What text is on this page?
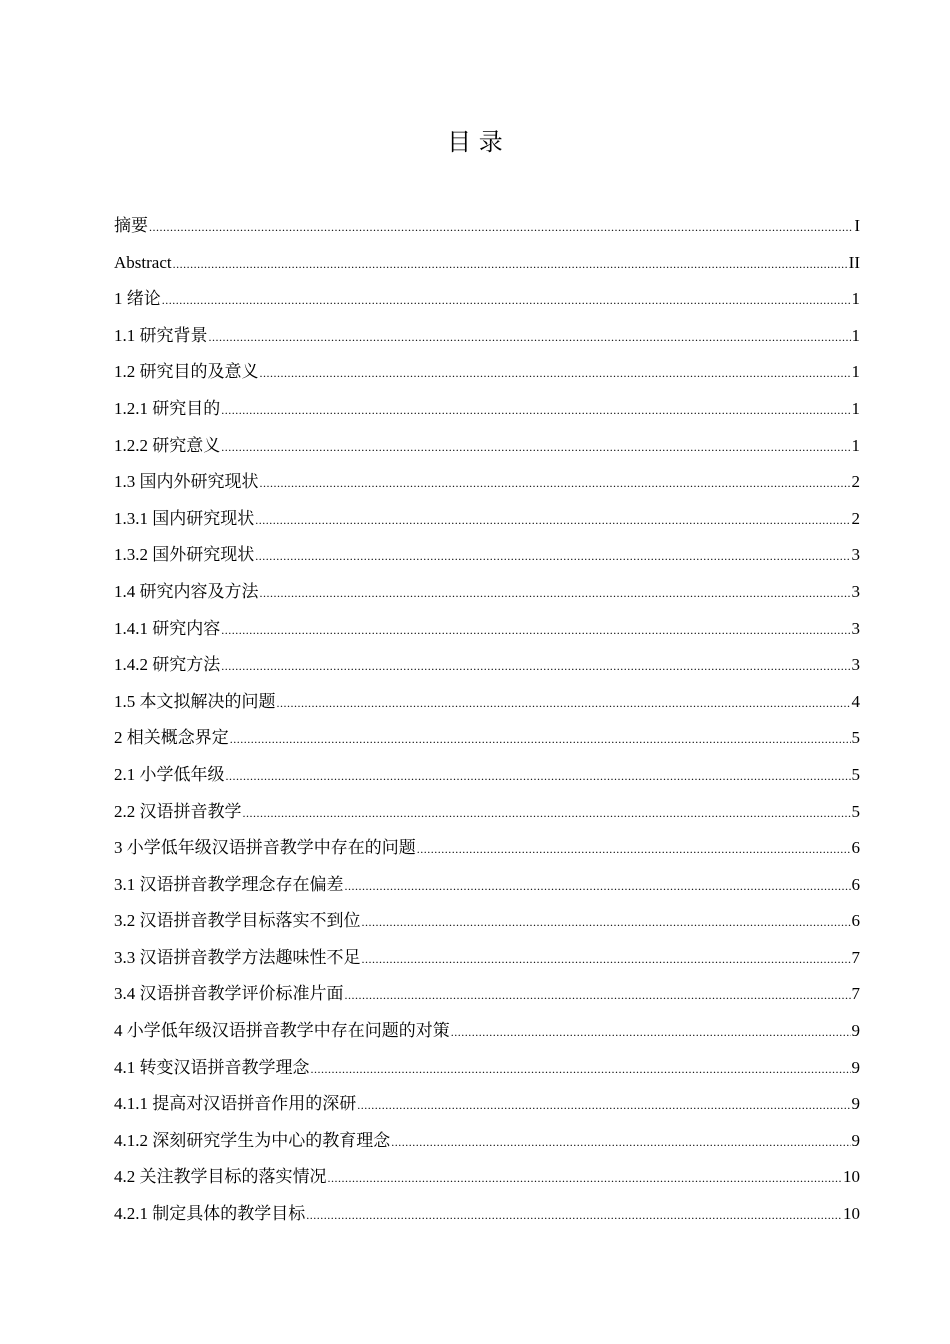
目 录
摘要 .....	I
Abstract .....	II
1 绪论 .....	1
1.1 研究背景 .....	1
1.2 研究目的及意义 .....	1
1.2.1 研究目的 .....	1
1.2.2 研究意义 .....	1
1.3 国内外研究现状 .....	2
1.3.1 国内研究现状 .....	2
1.3.2 国外研究现状 .....	3
1.4 研究内容及方法 .....	3
1.4.1 研究内容 .....	3
1.4.2 研究方法 .....	3
1.5 本文拟解决的问题 .....	4
2 相关概念界定 .....	5
2.1 小学低年级 .....	5
2.2 汉语拼音教学 .....	5
3 小学低年级汉语拼音教学中存在的问题 .....	6
3.1 汉语拼音教学理念存在偏差 .....	6
3.2 汉语拼音教学目标落实不到位 .....	6
3.3 汉语拼音教学方法趣味性不足 .....	7
3.4 汉语拼音教学评价标准片面 .....	7
4 小学低年级汉语拼音教学中存在问题的对策 .....	9
4.1 转变汉语拼音教学理念 .....	9
4.1.1 提高对汉语拼音作用的深研 .....	9
4.1.2 深刻研究学生为中心的教育理念 .....	9
4.2 关注教学目标的落实情况 .....	10
4.2.1 制定具体的教学目标 .....	10
